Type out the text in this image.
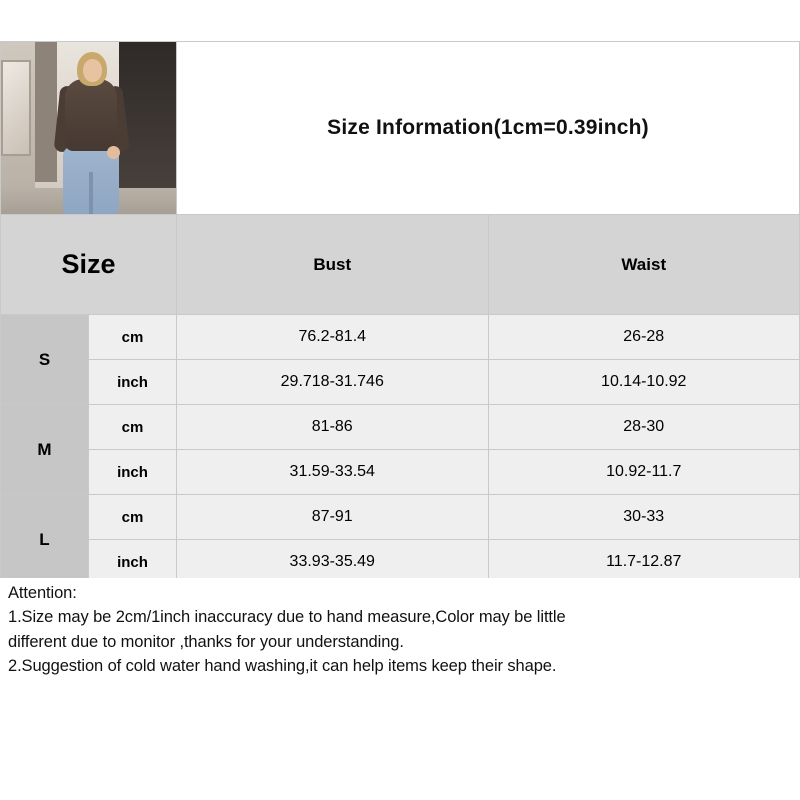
		Size Information(1cm=0.39inch)	
Size		Bust	Waist
S	cm	76.2-81.4	26-28
	inch	29.718-31.746	10.14-10.92
M	cm	81-86	28-30
	inch	31.59-33.54	10.92-11.7
L	cm	87-91	30-33
	inch	33.93-35.49	11.7-12.87

Attention:

1.Size may be 2cm/1inch inaccuracy due to hand measure,Color may be little

different due to monitor ,thanks for your understanding.

2.Suggestion of cold water hand washing,it can help items keep their shape.
